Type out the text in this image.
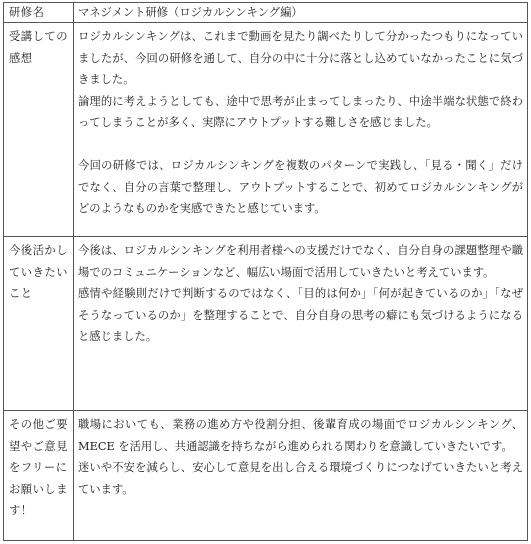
研修名	マネジメント研修（ロジカルシンキング編）
受講しての感想	ロジカルシンキングは、これまで動画を見たり調べたりして分かったつもりになっていましたが、今回の研修を通して、自分の中に十分に落とし込めていなかったことに気づきました。

論理的に考えようとしても、途中で思考が止まってしまったり、中途半端な状態で終わってしまうことが多く、実際にアウトプットする難しさを感じました。

今回の研修では、ロジカルシンキングを複数のパターンで実践し、「見る・聞く」だけでなく、自分の言葉で整理し、アウトプットすることで、初めてロジカルシンキングがどのようなものかを実感できたと感じています。

今後活かしていきたいこと	今後は、ロジカルシンキングを利用者様への支援だけでなく、自分自身の課題整理や職場でのコミュニケーションなど、幅広い場面で活用していきたいと考えています。

感情や経験則だけで判断するのではなく、「目的は何か」「何が起きているのか」「なぜそうなっているのか」を整理することで、自分自身の思考の癖にも気づけるようになると感じました。

その他ご要望やご意見をフリーにお願いします！	職場においても、業務の進め方や役割分担、後輩育成の場面でロジカルシンキング、MECE を活用し、共通認識を持ちながら進められる関わりを意識していきたいです。

迷いや不安を減らし、安心して意見を出し合える環境づくりにつなげていきたいと考えています。
